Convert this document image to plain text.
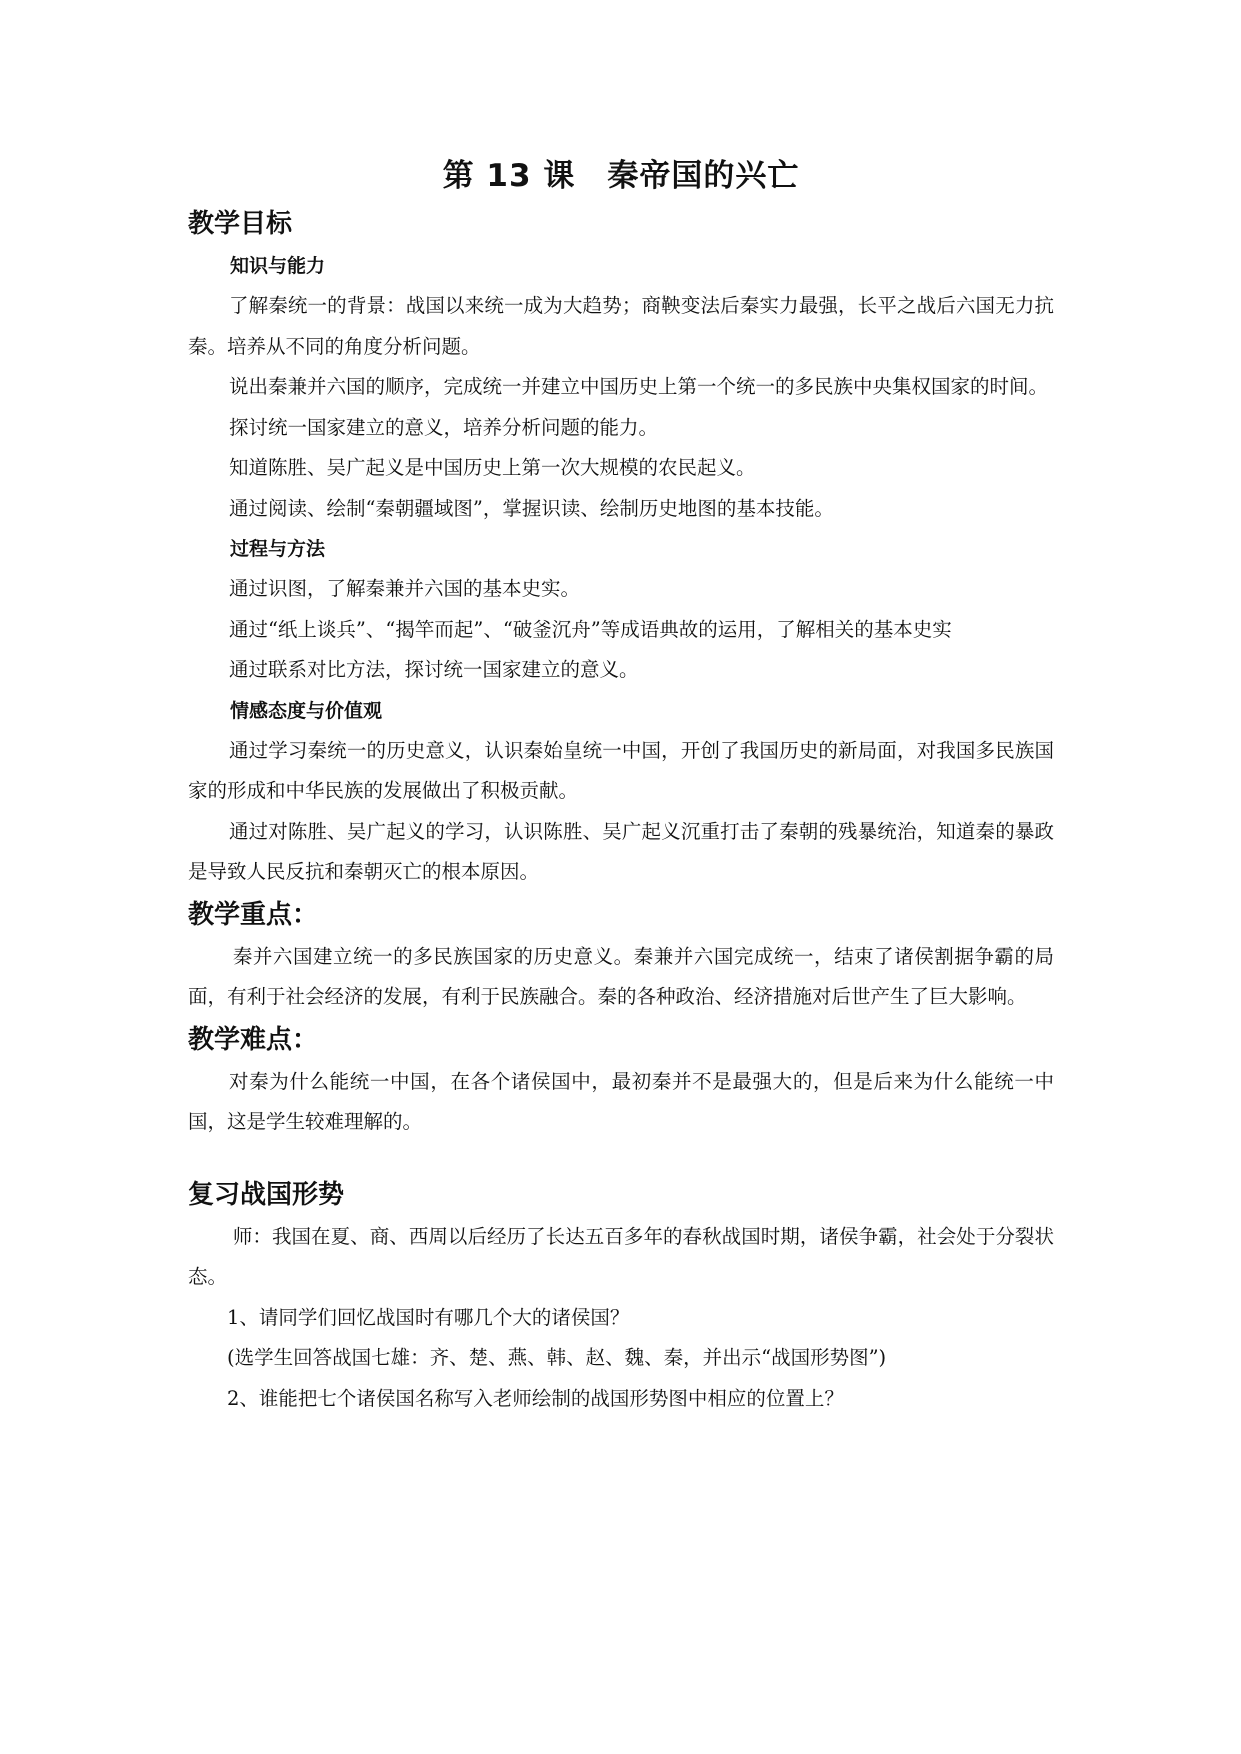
第 13 课　秦帝国的兴亡
教学目标
知识与能力

了解秦统一的背景：战国以来统一成为大趋势；商鞅变法后秦实力最强，长平之战后六国无力抗秦。培养从不同的角度分析问题。

说出秦兼并六国的顺序，完成统一并建立中国历史上第一个统一的多民族中央集权国家的时间。

探讨统一国家建立的意义，培养分析问题的能力。

知道陈胜、吴广起义是中国历史上第一次大规模的农民起义。

通过阅读、绘制“秦朝疆域图”，掌握识读、绘制历史地图的基本技能。

过程与方法

通过识图，了解秦兼并六国的基本史实。

通过“纸上谈兵”、“揭竿而起”、“破釜沉舟”等成语典故的运用，了解相关的基本史实

通过联系对比方法，探讨统一国家建立的意义。

情感态度与价值观

通过学习秦统一的历史意义，认识秦始皇统一中国，开创了我国历史的新局面，对我国多民族国家的形成和中华民族的发展做出了积极贡献。

通过对陈胜、吴广起义的学习，认识陈胜、吴广起义沉重打击了秦朝的残暴统治，知道秦的暴政是导致人民反抗和秦朝灭亡的根本原因。

教学重点：

秦并六国建立统一的多民族国家的历史意义。秦兼并六国完成统一，结束了诸侯割据争霸的局面，有利于社会经济的发展，有利于民族融合。秦的各种政治、经济措施对后世产生了巨大影响。

教学难点：

对秦为什么能统一中国，在各个诸侯国中，最初秦并不是最强大的，但是后来为什么能统一中国，这是学生较难理解的。

复习战国形势

师：我国在夏、商、西周以后经历了长达五百多年的春秋战国时期，诸侯争霸，社会处于分裂状态。

1、请同学们回忆战国时有哪几个大的诸侯国？

(选学生回答战国七雄：齐、楚、燕、韩、赵、魏、秦，并出示“战国形势图”)

2、谁能把七个诸侯国名称写入老师绘制的战国形势图中相应的位置上？
